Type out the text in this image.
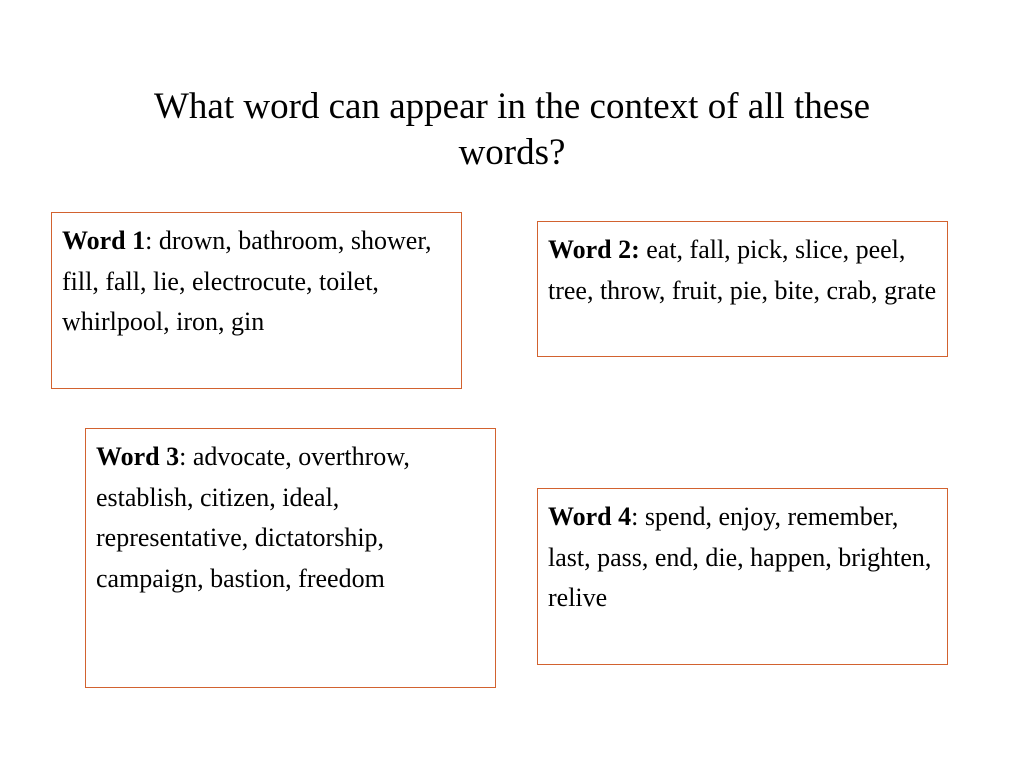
What word can appear in the context of all these words?
Word 1: drown, bathroom, shower, fill, fall, lie, electrocute, toilet, whirlpool, iron, gin
Word 2: eat, fall, pick, slice, peel, tree, throw, fruit, pie, bite, crab, grate
Word 3: advocate, overthrow, establish, citizen, ideal, representative, dictatorship, campaign, bastion, freedom
Word 4: spend, enjoy, remember, last, pass, end, die, happen, brighten, relive
